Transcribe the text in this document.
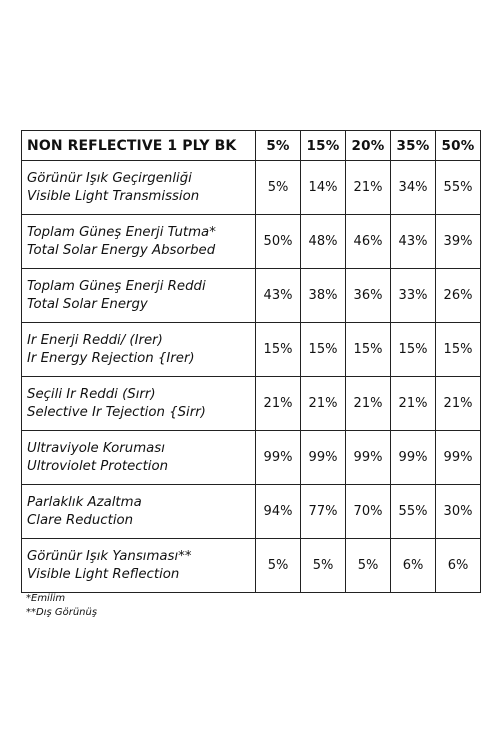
NON REFLECTIVE 1 PLY BK	5%	15%	20%	35%	50%

Görünür Işık Geçirgenliği
Visible Light Transmission	5%	14%	21%	34%	55%

Toplam Güneş Enerji Tutma*
Total Solar Energy Absorbed	50%	48%	46%	43%	39%

Toplam Güneş Enerji Reddi
Total Solar Energy	43%	38%	36%	33%	26%

Ir Enerji Reddi/ (Irer)
Ir Energy Rejection {Irer)	15%	15%	15%	15%	15%

Seçili Ir Reddi (Sırr)
Selective Ir Tejection {Sirr)	21%	21%	21%	21%	21%

Ultraviyole Koruması
Ultroviolet Protection	99%	99%	99%	99%	99%

Parlaklık Azaltma
Clare Reduction	94%	77%	70%	55%	30%

Görünür Işık Yansıması**
Visible Light Reflection	5%	5%	5%	6%	6%
*Emilim
**Dış Görünüş
